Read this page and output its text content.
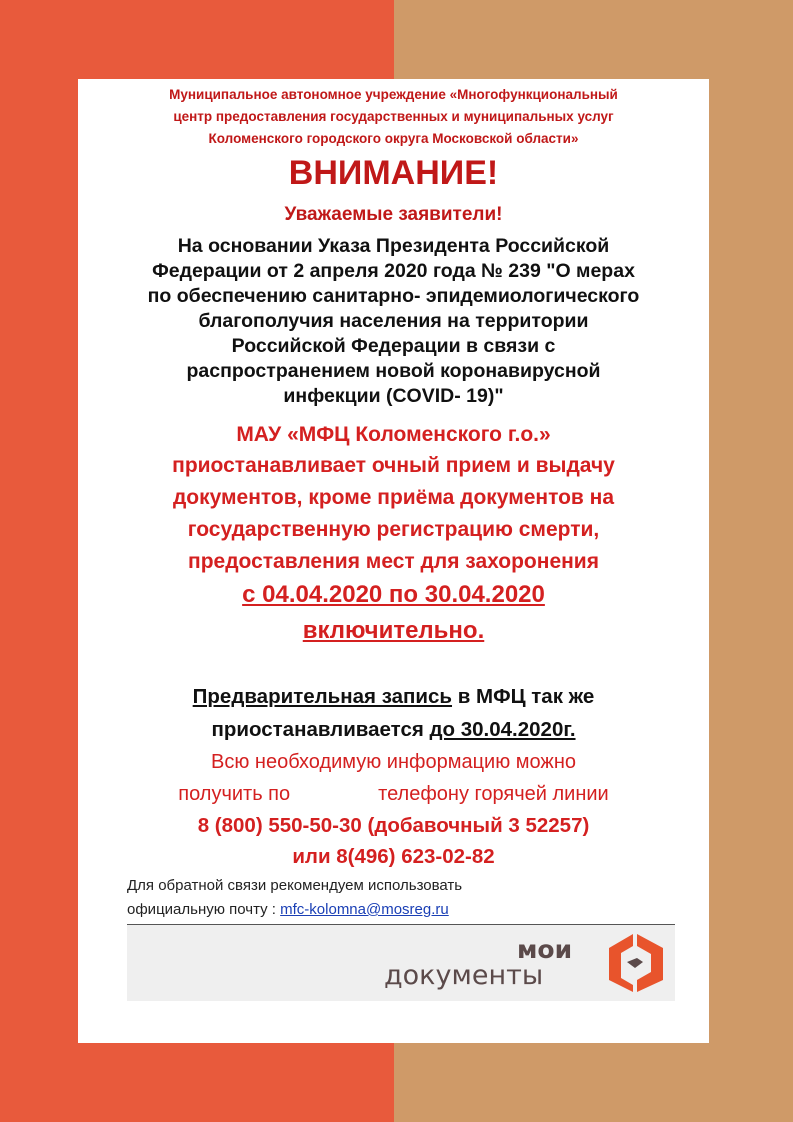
Муниципальное автономное учреждение «Многофункциональный
центр предоставления государственных и муниципальных услуг
Коломенского городского округа Московской области»
ВНИМАНИЕ!
Уважаемые заявители!
На основании Указа Президента Российской
Федерации от 2 апреля 2020 года № 239 "О мерах
по обеспечению санитарно- эпидемиологического
благополучия населения на территории
Российской Федерации в связи с
распространением новой коронавирусной
инфекции (COVID- 19)"
МАУ «МФЦ Коломенского г.о.»
приостанавливает очный прием и выдачу
документов, кроме приёма документов на
государственную регистрацию смерти,
предоставления мест для захоронения
с 04.04.2020 по 30.04.2020
включительно.
Предварительная запись в МФЦ так же
приостанавливается до 30.04.2020г.
Всю необходимую информацию можно
получить по	телефону горячей линии
8 (800) 550-50-30 (добавочный 3 52257)
или 8(496) 623-02-82
Для обратной связи рекомендуем использовать
официальную почту : mfc-kolomna@mosreg.ru
мои
документы
